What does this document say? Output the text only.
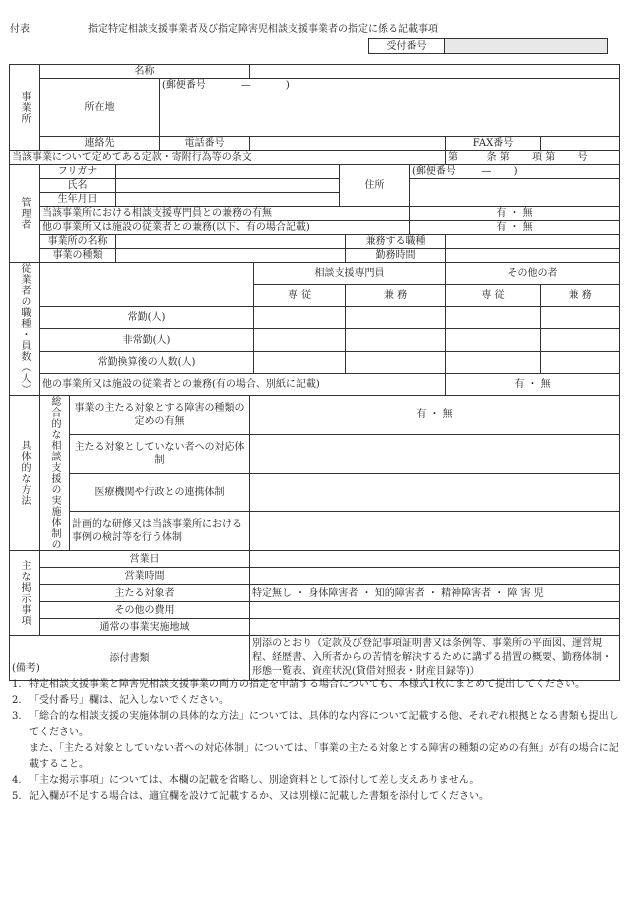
付表	指定特定相談支援事業者及び指定障害児相談支援事業者の指定に係る記載事項
受付番号	
事業所	名称										
	所在地			(郵便番号 — )							

	連絡先			電話番号						FAX番号	
当該事業について定めてある定款・寄附行為等の条文										第 条 第 項 第 号	

管理者	フリガナ						住所		(郵便番号 — )		
	氏名										
	生年月日										
	当該事業所における相談支援専門員との兼務の有無								有 ・ 無		
	他の事業所又は施設の従業者との兼務(以下、有の場合記載)								有 ・ 無		
	事業所の名称							兼務する職種			
	事業の種類							勤務時間			

従業者の職種・員数（人）						相談支援専門員				その他の者	
						専 従		兼 務		専 従	兼 務
	常勤(人)										
	非常勤(人)										
	常勤換算後の人数(人)										
	他の事業所又は施設の従業者との兼務(有の場合、別紙に記載)									有 ・ 無	

具体的な方法	総合的な相談支援の実施体制の	事業の主たる対象とする障害の種類の定めの有無			有 ・ 無						
		主たる対象としていない者への対応体制									
		医療機関や行政との連携体制									
		計画的な研修又は当該事業所における事例の検討等を行う体制									

主な掲示事項	営業日										
	営業時間										
	主たる対象者				特定無し ・ 身体障害者 ・ 知的障害者 ・ 精神障害者 ・ 障 害 児						
	その他の費用										
	通常の事業実施地域										
添付書類					別添のとおり（定款及び登記事項証明書又は条例等、事業所の平面図、運営規程、経歴書、入所者からの苦情を解決するために講ずる措置の概要、勤務体制・形態一覧表、資産状況(貸借対照表・財産目録等)）						
(備考)
1. 特定相談支援事業と障害児相談支援事業の両方の指定を申請する場合についても、本様式1枚にまとめて提出してください。
2. 「受付番号」欄は、記入しないでください。
3. 「総合的な相談支援の実施体制の具体的な方法」については、具体的な内容について記載する他、それぞれ根拠となる書類も提出してください。
また、「主たる対象としていない者への対応体制」については、「事業の主たる対象とする障害の種類の定めの有無」が有の場合に記載すること。
4. 「主な掲示事項」については、本欄の記載を省略し、別途資料として添付して差し支えありません。
5. 記入欄が不足する場合は、適宜欄を設けて記載するか、又は別様に記載した書類を添付してください。
